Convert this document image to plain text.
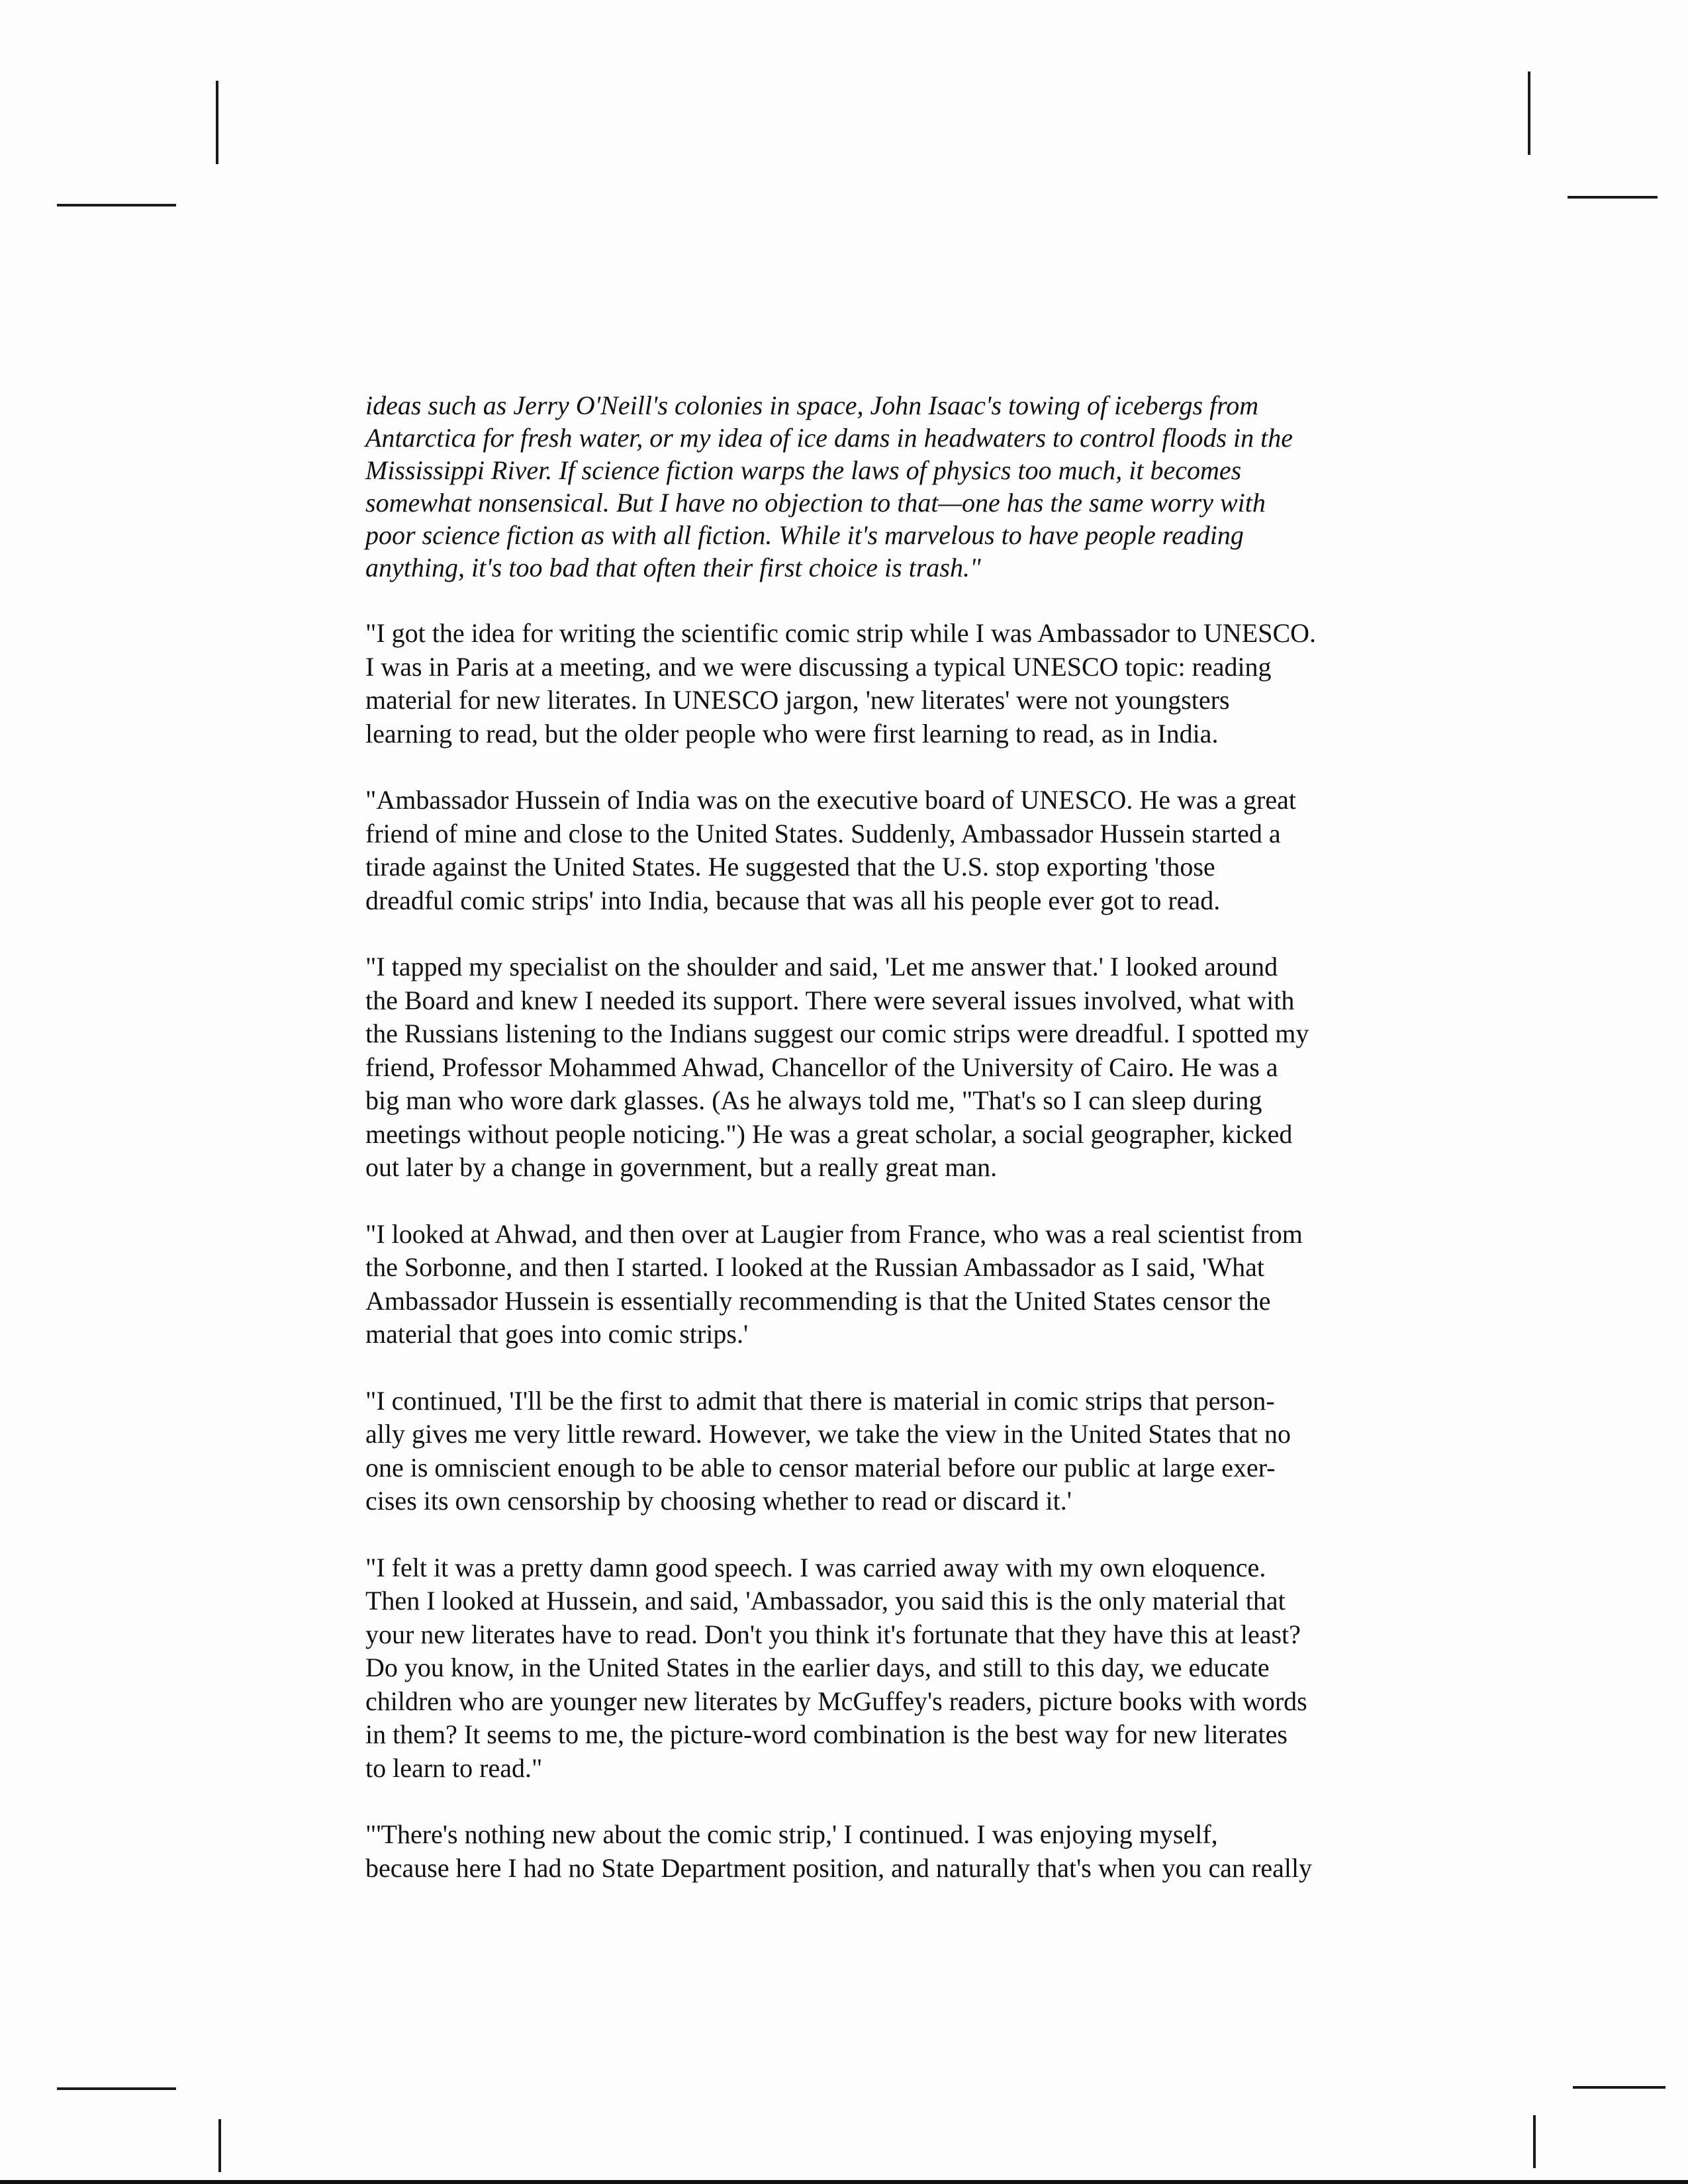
ideas such as Jerry O'Neill's colonies in space, John Isaac's towing of icebergs from
Antarctica for fresh water, or my idea of ice dams in headwaters to control floods in the
Mississippi River. If science fiction warps the laws of physics too much, it becomes
somewhat nonsensical. But I have no objection to that—one has the same worry with
poor science fiction as with all fiction. While it's marvelous to have people reading
anything, it's too bad that often their first choice is trash."

"I got the idea for writing the scientific comic strip while I was Ambassador to UNESCO.
I was in Paris at a meeting, and we were discussing a typical UNESCO topic: reading
material for new literates. In UNESCO jargon, 'new literates' were not youngsters
learning to read, but the older people who were first learning to read, as in India.

"Ambassador Hussein of India was on the executive board of UNESCO. He was a great
friend of mine and close to the United States. Suddenly, Ambassador Hussein started a
tirade against the United States. He suggested that the U.S. stop exporting 'those
dreadful comic strips' into India, because that was all his people ever got to read.

"I tapped my specialist on the shoulder and said, 'Let me answer that.' I looked around
the Board and knew I needed its support. There were several issues involved, what with
the Russians listening to the Indians suggest our comic strips were dreadful. I spotted my
friend, Professor Mohammed Ahwad, Chancellor of the University of Cairo. He was a
big man who wore dark glasses. (As he always told me, "That's so I can sleep during
meetings without people noticing.") He was a great scholar, a social geographer, kicked
out later by a change in government, but a really great man.

"I looked at Ahwad, and then over at Laugier from France, who was a real scientist from
the Sorbonne, and then I started. I looked at the Russian Ambassador as I said, 'What
Ambassador Hussein is essentially recommending is that the United States censor the
material that goes into comic strips.'

"I continued, 'I'll be the first to admit that there is material in comic strips that person-
ally gives me very little reward. However, we take the view in the United States that no
one is omniscient enough to be able to censor material before our public at large exer-
cises its own censorship by choosing whether to read or discard it.'

"I felt it was a pretty damn good speech. I was carried away with my own eloquence.
Then I looked at Hussein, and said, 'Ambassador, you said this is the only material that
your new literates have to read. Don't you think it's fortunate that they have this at least?
Do you know, in the United States in the earlier days, and still to this day, we educate
children who are younger new literates by McGuffey's readers, picture books with words
in them? It seems to me, the picture-word combination is the best way for new literates
to learn to read."

"'There's nothing new about the comic strip,' I continued. I was enjoying myself,
because here I had no State Department position, and naturally that's when you can really
